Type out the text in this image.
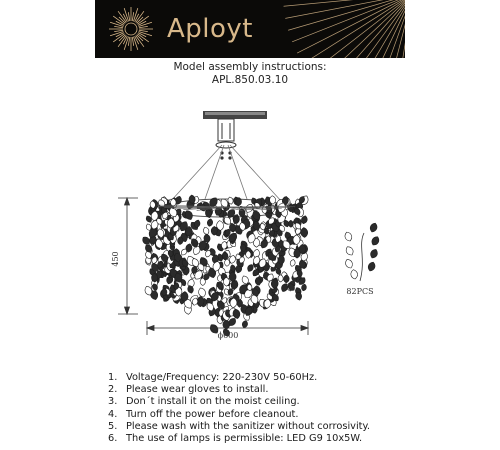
Aployt
Model assembly instructions:
APL.850.03.10
450
ϕ600
82PCS
1. Voltage/Frequency: 220-230V 50-60Hz.
2. Please wear gloves to install.
3. Don´t install it on the moist ceiling.
4. Turn off the power before cleanout.
5. Please wash with the sanitizer without corrosivity.
6. The use of lamps is permissible: LED G9 10x5W.
